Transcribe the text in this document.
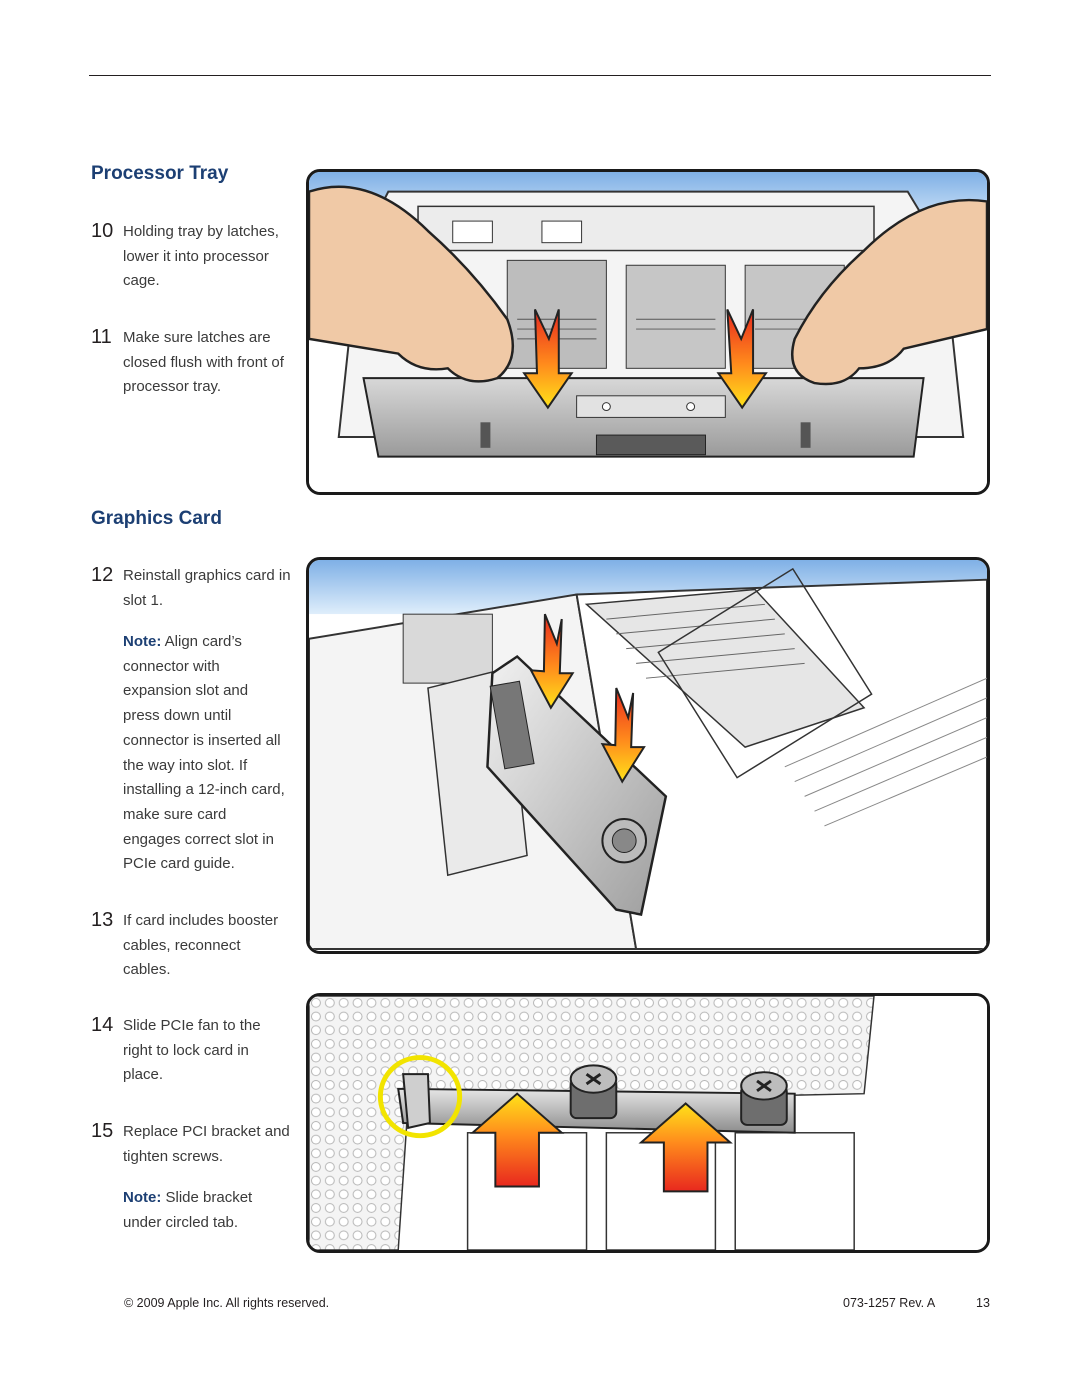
Processor Tray
10 Holding tray by latches, lower it into processor cage.
11 Make sure latches are closed flush with front of processor tray.
Graphics Card
12 Reinstall graphics card in slot 1.
Note: Align card’s connector with expansion slot and press down until connector is inserted all the way into slot. If installing a 12-inch card, make sure card engages correct slot in PCIe card guide.
13 If card includes booster cables, reconnect cables.
14 Slide PCIe fan to the right to lock card in place.
15 Replace PCI bracket and tighten screws.
Note: Slide bracket under circled tab.
© 2009 Apple Inc. All rights reserved.	073-1257 Rev. A	13
